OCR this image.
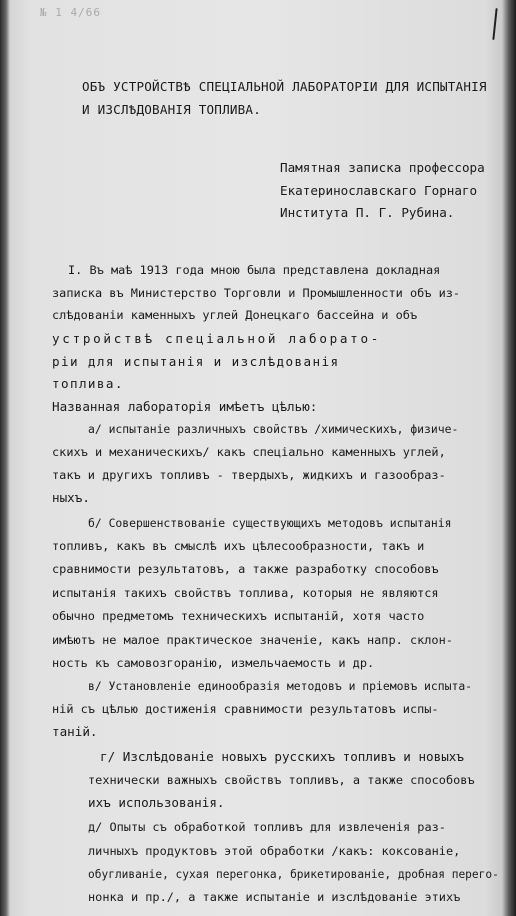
№ 1 4/66
ОБЪ УСТРОЙСТВѢ СПЕЦІАЛЬНОЙ ЛАБОРАТОРІИ ДЛЯ ИСПЫТАНІЯ
И ИЗСЛѢДОВАНІЯ ТОПЛИВА.
Памятная записка профессора
Екатеринославскаго Горнаго
Института П. Г. Рубина.
I. Въ маѣ 1913 года мною была представлена докладная
записка въ Министерство Торговли и Промышленности объ из-
слѣдованіи каменныхъ углей Донецкаго бассейна и объ
устройствѣ спеціальной лаборато-
ріи для испытанія и изслѣдованія
топлива.
Названная лабораторія имѣетъ цѣлью:
а/ испытаніе различныхъ свойствъ /химическихъ, физиче-
скихъ и механическихъ/ какъ спеціально каменныхъ углей,
такъ и другихъ топливъ - твердыхъ, жидкихъ и газообраз-
ныхъ.
б/ Совершенствованіе существующихъ методовъ испытанія
топливъ, какъ въ смыслѣ ихъ цѣлесообразности, такъ и
сравнимости результатовъ, а также разработку способовъ
испытанія такихъ свойствъ топлива, которыя не являются
обычно предметомъ техническихъ испытаній, хотя часто
имѣютъ не малое практическое значеніе, какъ напр. склон-
ность къ самовозгоранію, измельчаемость и др.
в/ Установленіе единообразія методовъ и пріемовъ испыта-
ній съ цѣлью достиженія сравнимости результатовъ испы-
таній.
г/ Изслѣдованіе новыхъ русскихъ топливъ и новыхъ
технически важныхъ свойствъ топливъ, а также способовъ
ихъ использованія.
д/ Опыты съ обработкой топливъ для извлеченія раз-
личныхъ продуктовъ этой обработки /какъ: коксованіе,
обугливаніе, сухая перегонка, брикетированіе, дробная перего-
нонка и пр./, а также испытаніе и изслѣдованіе этихъ
